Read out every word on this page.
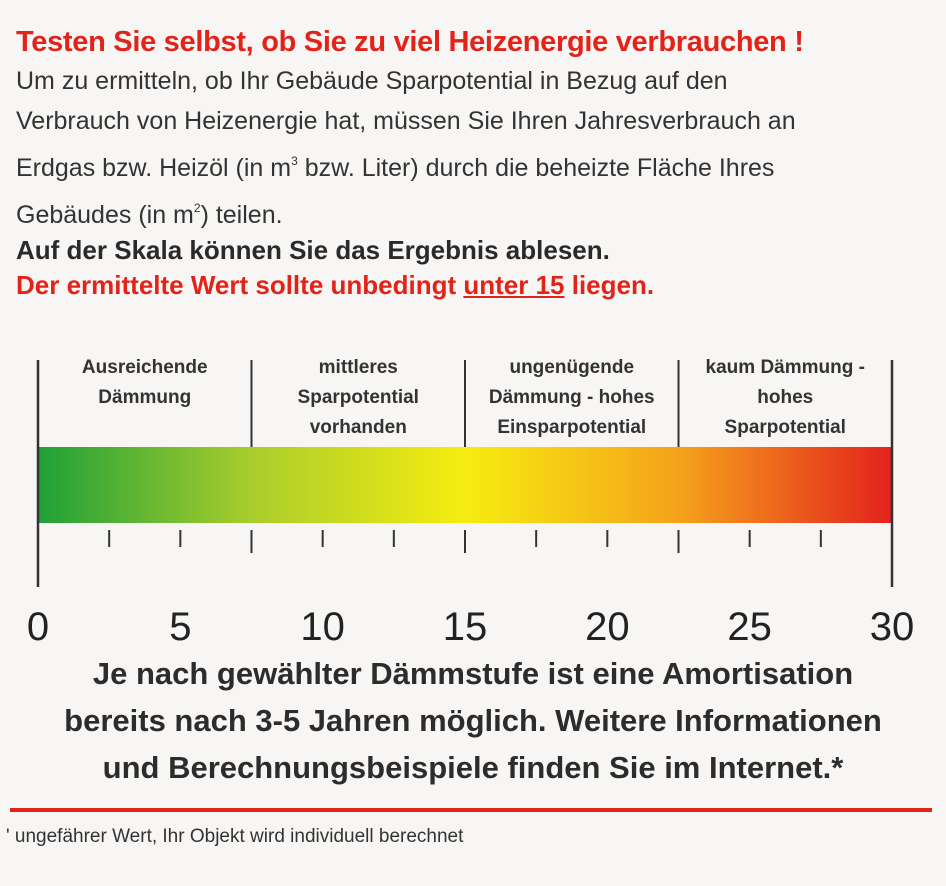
Testen Sie selbst, ob Sie zu viel Heizenergie verbrauchen !
Um zu ermitteln, ob Ihr Gebäude Sparpotential in Bezug auf den
Verbrauch von Heizenergie hat, müssen Sie Ihren Jahresverbrauch an
Erdgas bzw. Heizöl (in $m^3$ bzw. Liter) durch die beheizte Fläche Ihres
Gebäudes (in $m^2$) teilen.
Auf der Skala können Sie das Ergebnis ablesen.
Der ermittelte Wert sollte unbedingt unter 15 liegen.
Ausreichende Dämmung
mittleres Sparpotential vorhanden
ungenügende Dämmung - hohes Einsparpotential
kaum Dämmung -hohes Sparpotential
0	5	10 15 20 25 30
Je nach gewählter Dämmstufe ist eine Amortisation
bereits nach 3-5 Jahren möglich. Weitere Informationen
und Berechnungsbeispiele finden Sie im Internet.*
' ungefährer Wert, Ihr Objekt wird individuell berechnet
